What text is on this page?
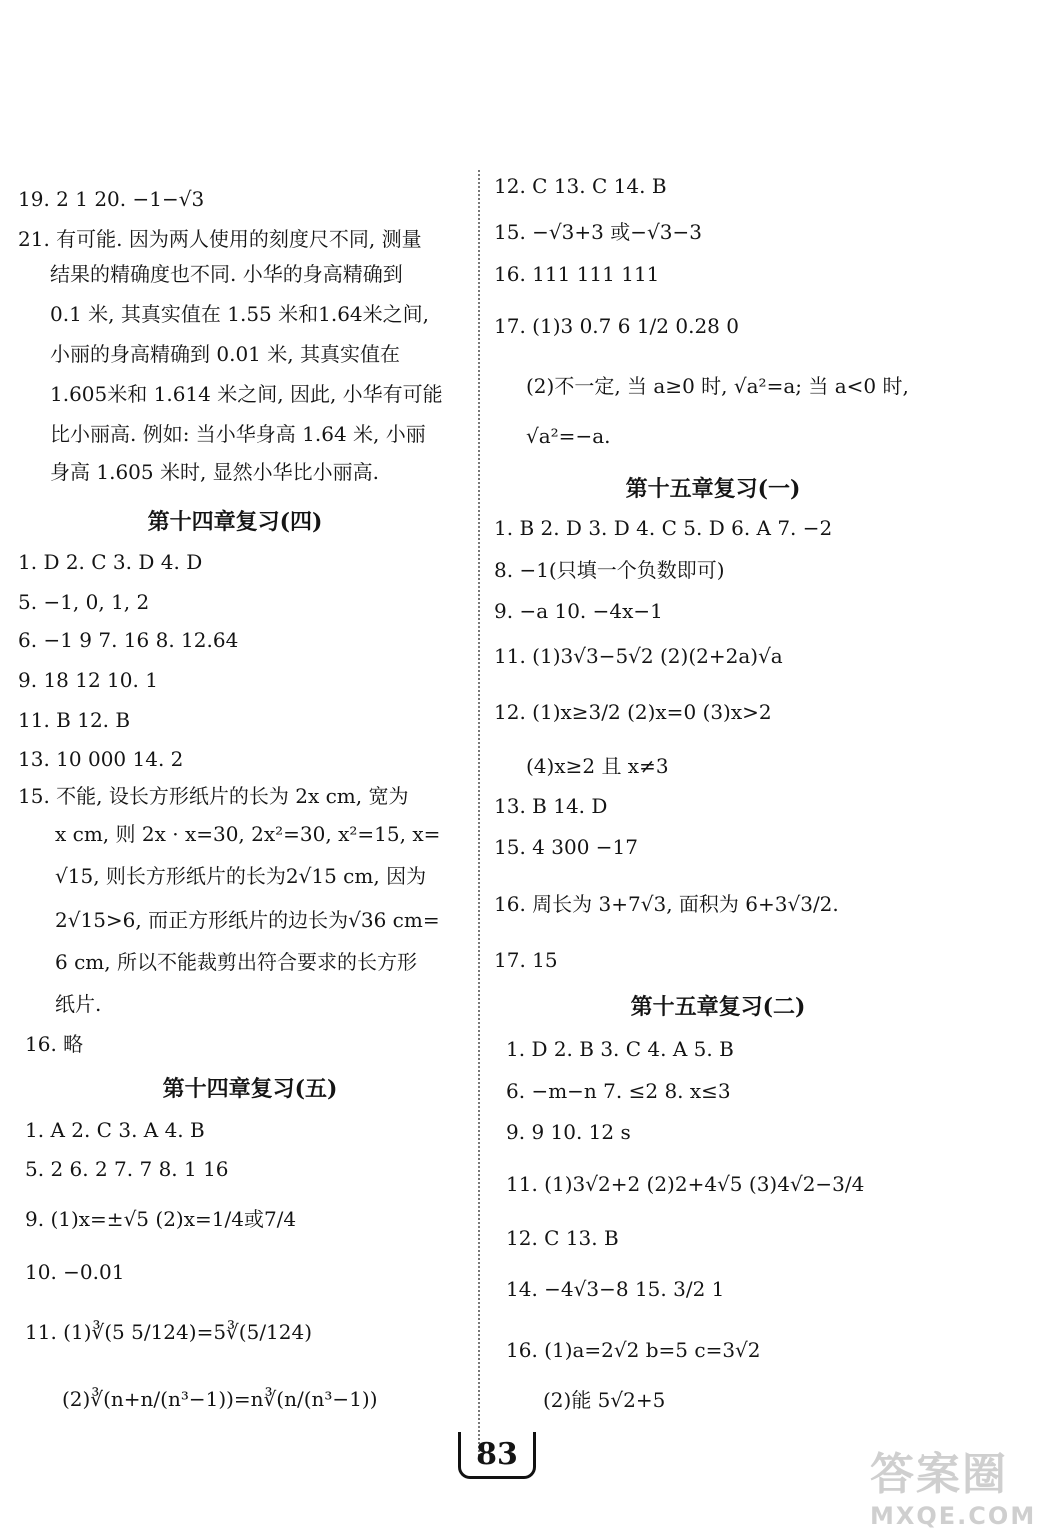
19. 2 1 20. −1−√3
21. 有可能. 因为两人使用的刻度尺不同, 测量
结果的精确度也不同. 小华的身高精确到
0.1 米, 其真实值在 1.55 米和1.64米之间,
小丽的身高精确到 0.01 米, 其真实值在
1.605米和 1.614 米之间, 因此, 小华有可能
比小丽高. 例如: 当小华身高 1.64 米, 小丽
身高 1.605 米时, 显然小华比小丽高.
第十四章复习(四)
1. D 2. C 3. D 4. D
5. −1, 0, 1, 2
6. −1 9 7. 16 8. 12.64
9. 18 12 10. 1
11. B 12. B
13. 10 000 14. 2
15. 不能, 设长方形纸片的长为 2x cm, 宽为
x cm, 则 2x · x=30, 2x²=30, x²=15, x=
√15, 则长方形纸片的长为2√15 cm, 因为
2√15>6, 而正方形纸片的边长为√36 cm=
6 cm, 所以不能裁剪出符合要求的长方形
纸片.
16. 略
第十四章复习(五)
1. A 2. C 3. A 4. B
5. 2 6. 2 7. 7 8. 1 16
9. (1)x=±√5 (2)x=1/4或7/4
10. −0.01
11. (1)∛(5 5/124)=5∛(5/124)
(2)∛(n+n/(n³−1))=n∛(n/(n³−1))
12. C 13. C 14. B
15. −√3+3 或−√3−3
16. 111 111 111
17. (1)3 0.7 6 1/2 0.28 0
(2)不一定, 当 a≥0 时, √a²=a; 当 a<0 时,
√a²=−a.
第十五章复习(一)
1. B 2. D 3. D 4. C 5. D 6. A 7. −2
8. −1(只填一个负数即可)
9. −a 10. −4x−1
11. (1)3√3−5√2 (2)(2+2a)√a
12. (1)x≥3/2 (2)x=0 (3)x>2
(4)x≥2 且 x≠3
13. B 14. D
15. 4 300 −17
16. 周长为 3+7√3, 面积为 6+3√3/2.
17. 15
第十五章复习(二)
1. D 2. B 3. C 4. A 5. B
6. −m−n 7. ≤2 8. x≤3
9. 9 10. 12 s
11. (1)3√2+2 (2)2+4√5 (3)4√2−3/4
12. C 13. B
14. −4√3−8 15. 3/2 1
16. (1)a=2√2 b=5 c=3√2
(2)能 5√2+5
83	答案圈
MXQE.COM
